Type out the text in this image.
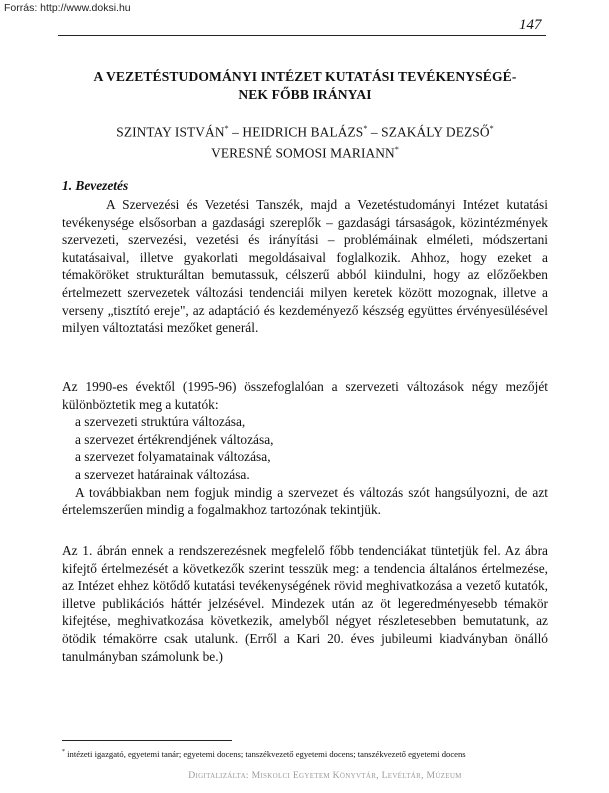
Forrás: http://www.doksi.hu
147
A VEZETÉSTUDOMÁNYI INTÉZET KUTATÁSI TEVÉKENYSÉGÉ-
NEK FŐBB IRÁNYAI
SZINTAY ISTVÁN* – HEIDRICH BALÁZS* – SZAKÁLY DEZSŐ*
VERESNÉ SOMOSI MARIANN*
1. Bevezetés

A Szervezési és Vezetési Tanszék, majd a Vezetéstudományi Intézet kutatási tevékenysége elsősorban a gazdasági szereplők – gazdasági társaságok, közintézmények szervezeti, szervezési, vezetési és irányítási – problémáinak elméleti, módszertani kutatásaival, illetve gyakorlati megoldásaival foglalkozik. Ahhoz, hogy ezeket a témaköröket strukturáltan bemutassuk, célszerű abból kiindulni, hogy az előzőekben értelmezett szervezetek változási tendenciái milyen keretek között mozognak, illetve a verseny „tisztító ereje", az adaptáció és kezdeményező készség együttes érvényesülésével milyen változtatási mezőket generál.

Az 1990-es évektől (1995-96) összefoglalóan a szervezeti változások négy mezőjét különböztetik meg a kutatók:

a szervezeti struktúra változása,
a szervezet értékrendjének változása,
a szervezet folyamatainak változása,
a szervezet határainak változása.

A továbbiakban nem fogjuk mindig a szervezet és változás szót hangsúlyozni, de azt értelemszerűen mindig a fogalmakhoz tartozónak tekintjük.

Az 1. ábrán ennek a rendszerezésnek megfelelő főbb tendenciákat tüntetjük fel. Az ábra kifejtő értelmezését a következők szerint tesszük meg: a tendencia általános értelmezése, az Intézet ehhez kötődő kutatási tevékenységének rövid meghivatkozása a vezető kutatók, illetve publikációs háttér jelzésével. Mindezek után az öt legeredményesebb témakör kifejtése, meghivatkozása következik, amelyből négyet részletesebben bemutatunk, az ötödik témakörre csak utalunk. (Erről a Kari 20. éves jubileumi kiadványban önálló tanulmányban számolunk be.)

* intézeti igazgató, egyetemi tanár; egyetemi docens; tanszékvezető egyetemi docens; tanszékvezető egyetemi docens
Digitalizálta: Miskolci Egyetem Könyvtár, Levéltár, Múzeum
